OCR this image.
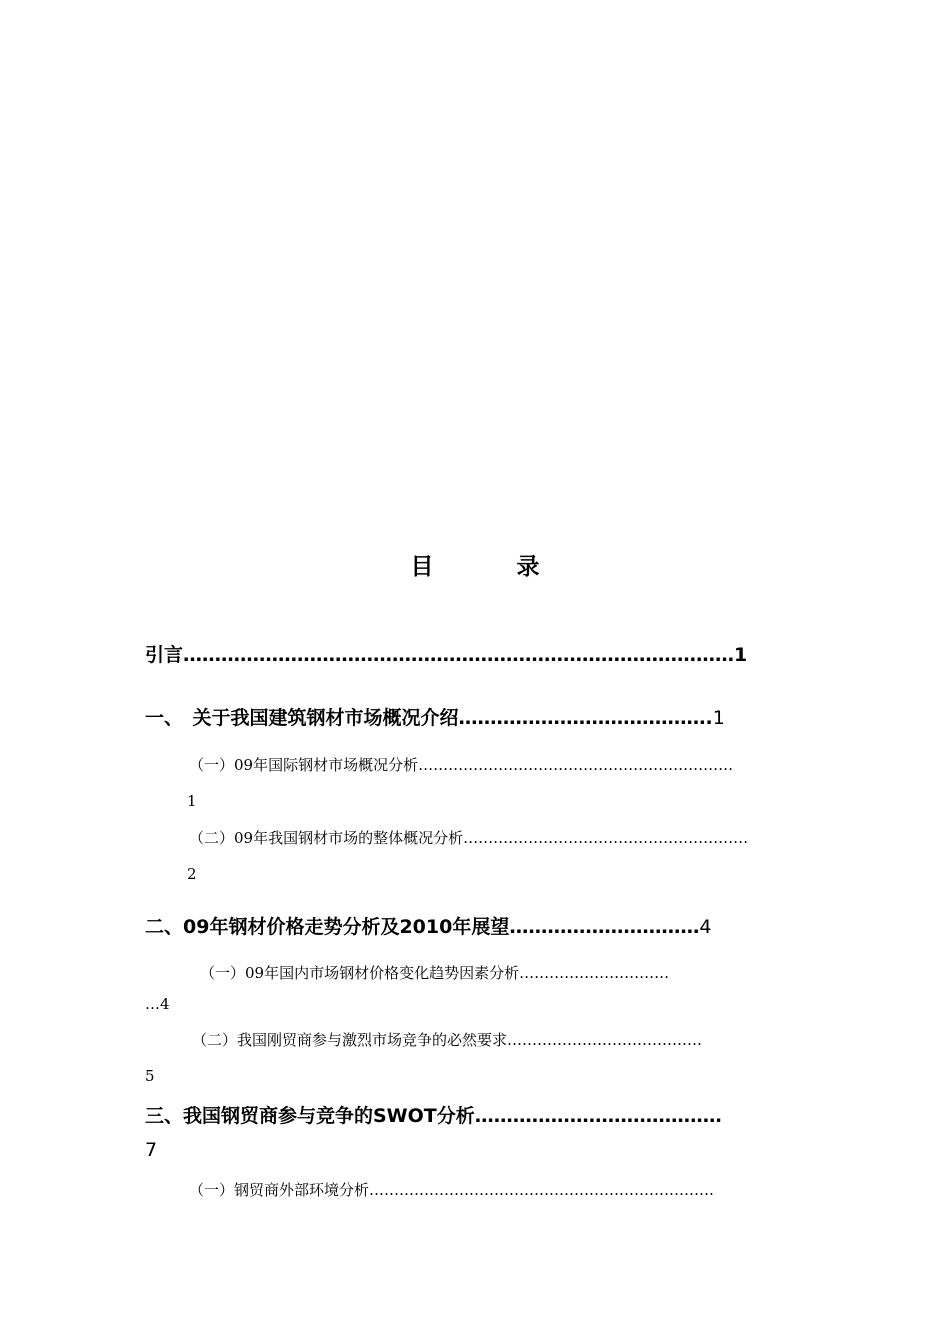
目　录
引言……………………………………………………………………………1
一、　关于我国建筑钢材市场概况介绍………………………………….1
（一）09年国际钢材市场概况分析………………………………………………………
1
（二）09年我国钢材市场的整体概况分析…………………………………………………
2
二、09年钢材价格走势分析及2010年展望…………………………4
（一）09年国内市场钢材价格变化趋势因素分析…………………………
…4
（二）我国刚贸商参与激烈市场竞争的必然要求…………………………………
5
三、我国钢贸商参与竞争的SWOT分析…………………………………
7
（一）钢贸商外部环境分析……………………………………………………………
